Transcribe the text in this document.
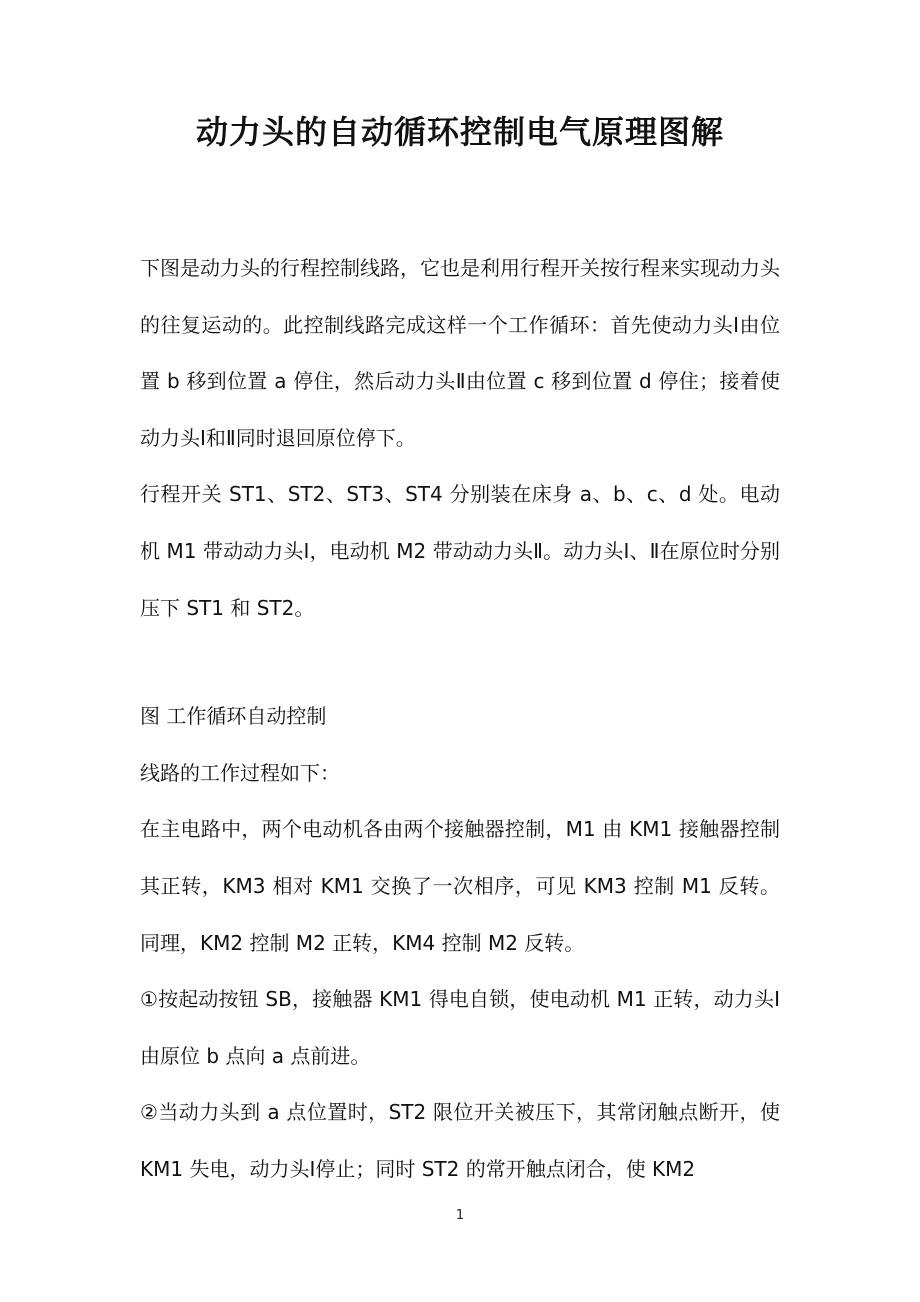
动力头的自动循环控制电气原理图解

下图是动力头的行程控制线路，它也是利用行程开关按行程来实现动力头的往复运动的。此控制线路完成这样一个工作循环：首先使动力头Ⅰ由位置 b 移到位置 a 停住，然后动力头Ⅱ由位置 c 移到位置 d 停住；接着使动力头Ⅰ和Ⅱ同时退回原位停下。

行程开关 ST1、ST2、ST3、ST4 分别装在床身 a、b、c、d 处。电动机 M1 带动动力头Ⅰ，电动机 M2 带动动力头Ⅱ。动力头Ⅰ、Ⅱ在原位时分别压下 ST1 和 ST2。

图 工作循环自动控制

线路的工作过程如下：

在主电路中，两个电动机各由两个接触器控制，M1 由 KM1 接触器控制其正转，KM3 相对 KM1 交换了一次相序，可见 KM3 控制 M1 反转。同理，KM2 控制 M2 正转，KM4 控制 M2 反转。

①按起动按钮 SB，接触器 KM1 得电自锁，使电动机 M1 正转，动力头Ⅰ由原位 b 点向 a 点前进。

②当动力头到 a 点位置时，ST2 限位开关被压下，其常闭触点断开，使 KM1 失电，动力头Ⅰ停止；同时 ST2 的常开触点闭合，使 KM2

1
